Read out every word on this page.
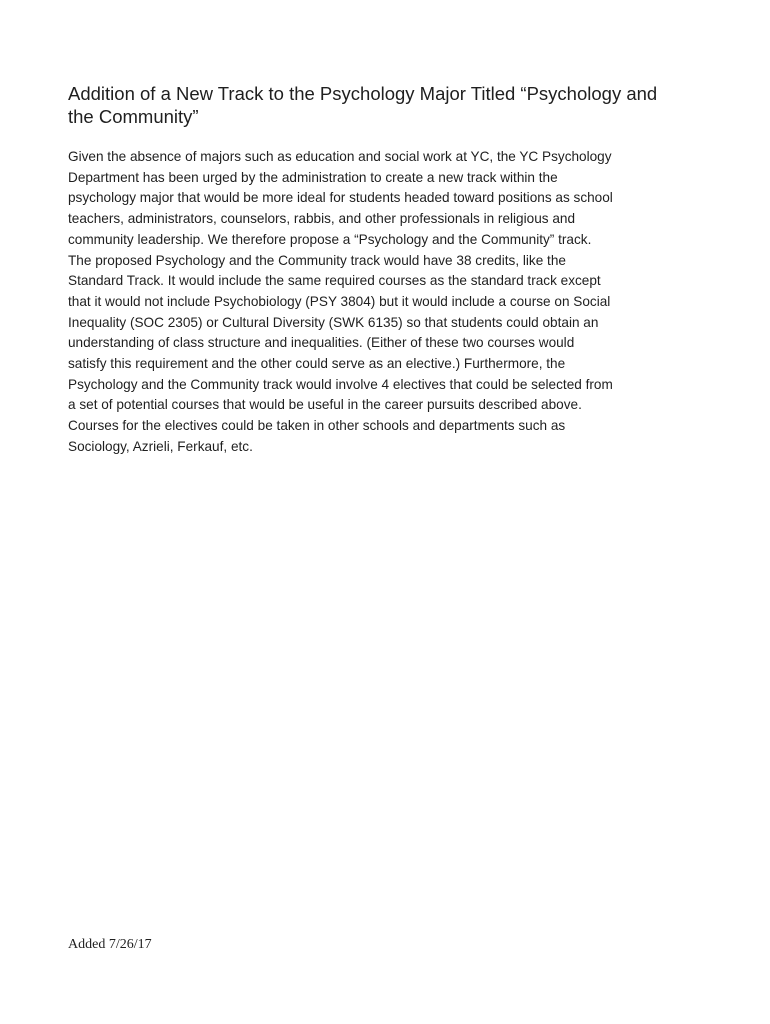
Addition of a New Track to the Psychology Major Titled “Psychology and
the Community”

Given the absence of majors such as education and social work at YC, the YC Psychology
Department has been urged by the administration to create a new track within the
psychology major that would be more ideal for students headed toward positions as school
teachers, administrators, counselors, rabbis, and other professionals in religious and
community leadership. We therefore propose a “Psychology and the Community” track.
The proposed Psychology and the Community track would have 38 credits, like the
Standard Track. It would include the same required courses as the standard track except
that it would not include Psychobiology (PSY 3804) but it would include a course on Social
Inequality (SOC 2305) or Cultural Diversity (SWK 6135) so that students could obtain an
understanding of class structure and inequalities. (Either of these two courses would
satisfy this requirement and the other could serve as an elective.) Furthermore, the
Psychology and the Community track would involve 4 electives that could be selected from
a set of potential courses that would be useful in the career pursuits described above.
Courses for the electives could be taken in other schools and departments such as
Sociology, Azrieli, Ferkauf, etc.

Added 7/26/17
